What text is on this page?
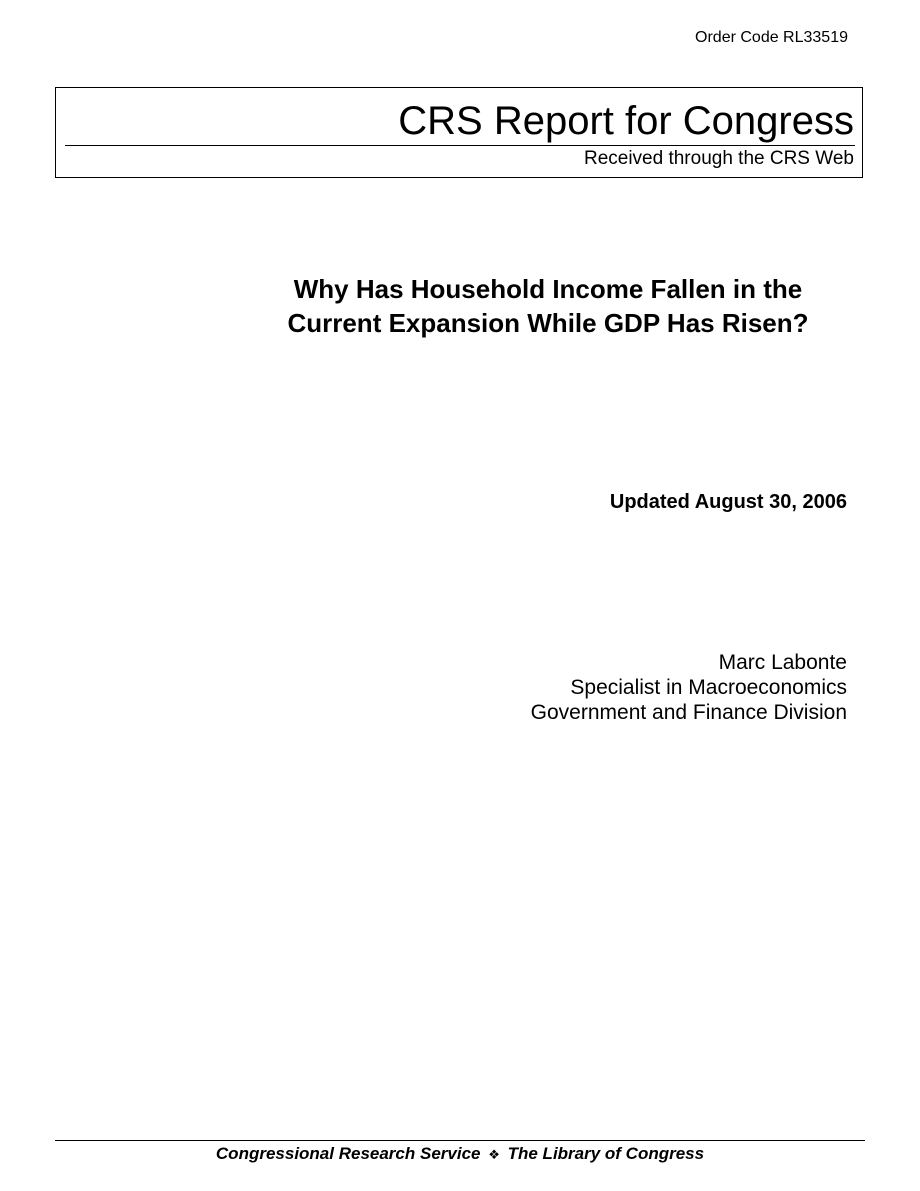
Order Code RL33519
CRS Report for Congress
Received through the CRS Web
Why Has Household Income Fallen in the
Current Expansion While GDP Has Risen?
Updated August 30, 2006
Marc Labonte
Specialist in Macroeconomics
Government and Finance Division
Congressional Research Service ❖ The Library of Congress
